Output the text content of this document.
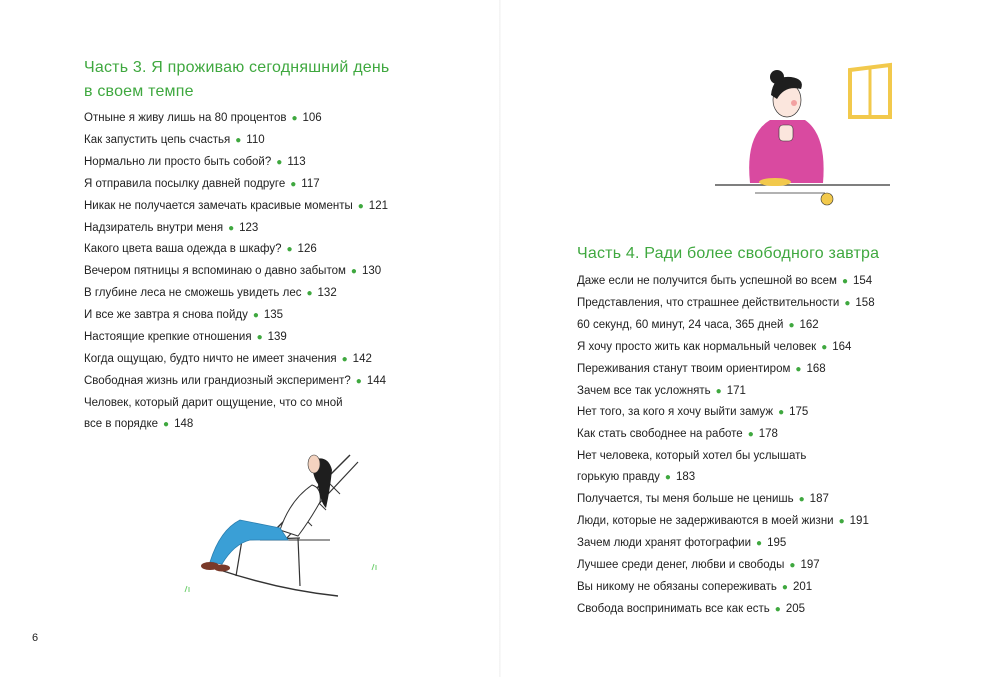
Часть 3. Я проживаю сегодняшний день
в своем темпе
Отныне я живу лишь на 80 процентов ● 106
Как запустить цепь счастья ● 110
Нормально ли просто быть собой? ● 113
Я отправила посылку давней подруге ● 117
Никак не получается замечать красивые моменты ● 121
Надзиратель внутри меня ● 123
Какого цвета ваша одежда в шкафу? ● 126
Вечером пятницы я вспоминаю о давно забытом ● 130
В глубине леса не сможешь увидеть лес ● 132
И все же завтра я снова пойду ● 135
Настоящие крепкие отношения ● 139
Когда ощущаю, будто ничто не имеет значения ● 142
Свободная жизнь или грандиозный эксперимент? ● 144
Человек, который дарит ощущение, что со мной
все в порядке ● 148
6
Часть 4. Ради более свободного завтра
Даже если не получится быть успешной во всем ● 154
Представления, что страшнее действительности ● 158
60 секунд, 60 минут, 24 часа, 365 дней ● 162
Я хочу просто жить как нормальный человек ● 164
Переживания станут твоим ориентиром ● 168
Зачем все так усложнять ● 171
Нет того, за кого я хочу выйти замуж ● 175
Как стать свободнее на работе ● 178
Нет человека, который хотел бы услышать
горькую правду ● 183
Получается, ты меня больше не ценишь ● 187
Люди, которые не задерживаются в моей жизни ● 191
Зачем люди хранят фотографии ● 195
Лучшее среди денег, любви и свободы ● 197
Вы никому не обязаны сопереживать ● 201
Свобода воспринимать все как есть ● 205
